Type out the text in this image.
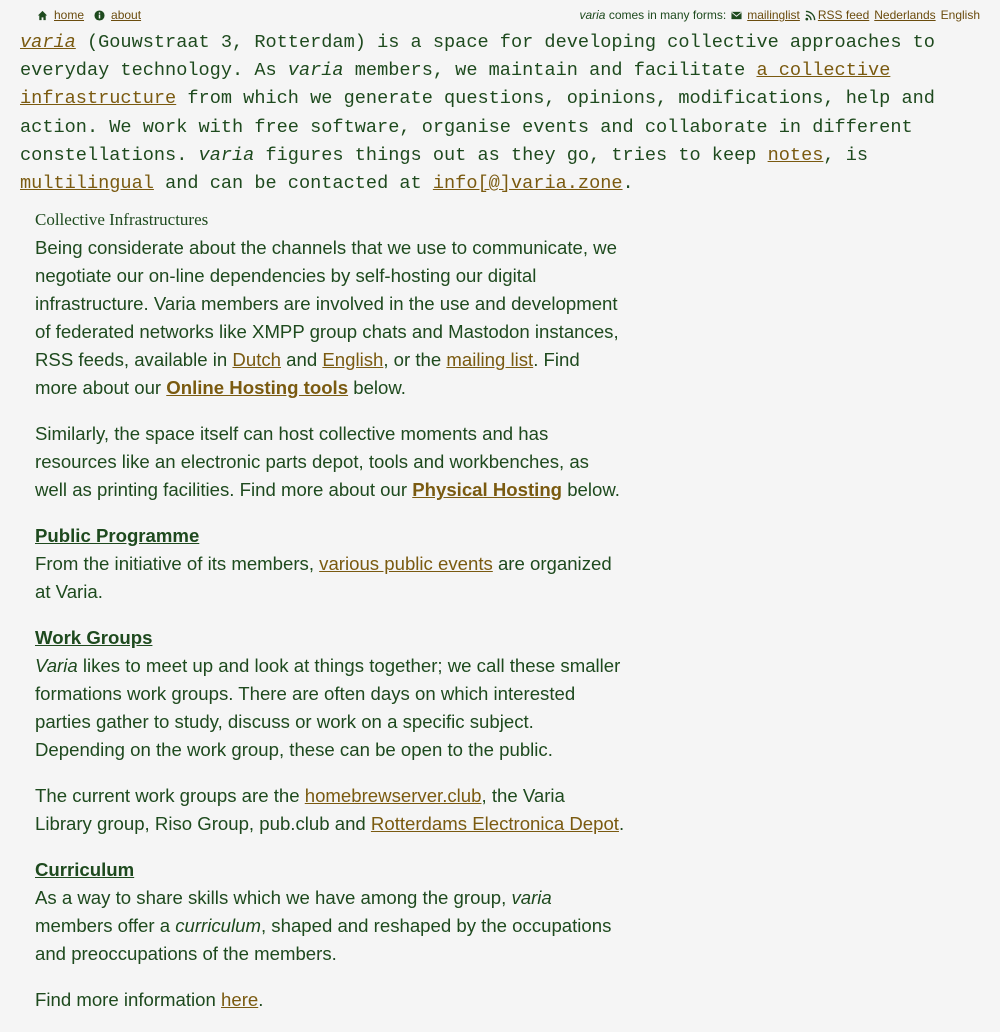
home about	varia comes in many forms: mailinglist RSS feed Nederlands English
varia (Gouwstraat 3, Rotterdam) is a space for developing collective approaches to everyday technology. As varia members, we maintain and facilitate a collective infrastructure from which we generate questions, opinions, modifications, help and action. We work with free software, organise events and collaborate in different constellations. varia figures things out as they go, tries to keep notes, is multilingual and can be contacted at info[@]varia.zone.
Collective Infrastructures

Being considerate about the channels that we use to communicate, we negotiate our on-line dependencies by self-hosting our digital infrastructure. Varia members are involved in the use and development of federated networks like XMPP group chats and Mastodon instances, RSS feeds, available in Dutch and English, or the mailing list. Find more about our Online Hosting tools below.

Similarly, the space itself can host collective moments and has resources like an electronic parts depot, tools and workbenches, as well as printing facilities. Find more about our Physical Hosting below.

Public Programme

From the initiative of its members, various public events are organized at Varia.

Work Groups

Varia likes to meet up and look at things together; we call these smaller formations work groups. There are often days on which interested parties gather to study, discuss or work on a specific subject. Depending on the work group, these can be open to the public.

The current work groups are the homebrewserver.club, the Varia Library group, Riso Group, pub.club and Rotterdams Electronica Depot.

Curriculum

As a way to share skills which we have among the group, varia members offer a curriculum, shaped and reshaped by the occupations and preoccupations of the members.

Find more information here.
